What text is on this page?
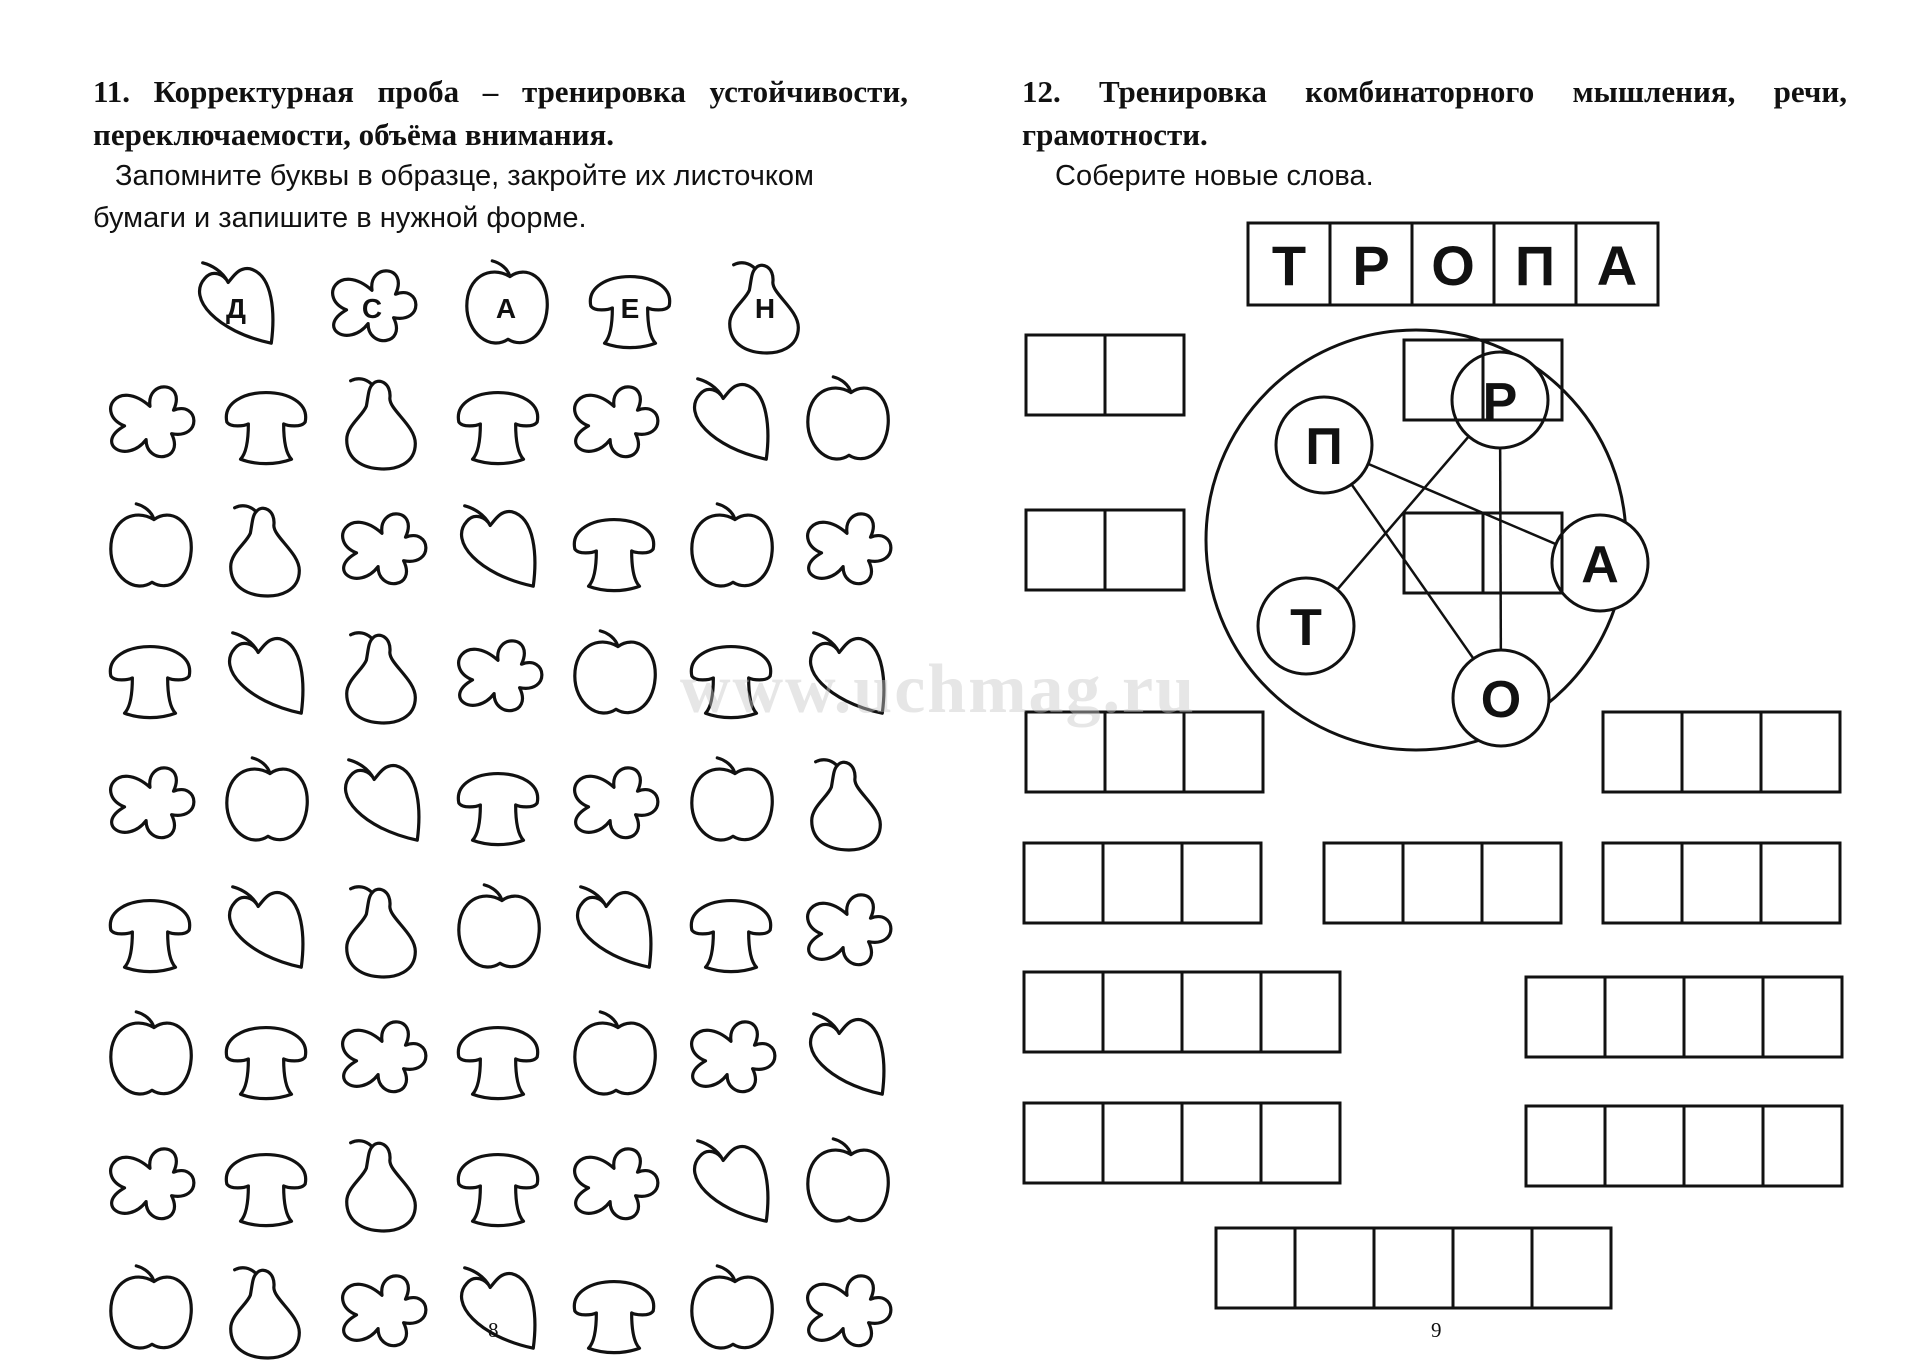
11. Корректурная проба – тренировка устойчивости, переключаемости, объёма внимания.
Запомните буквы в образце, закройте их листочком бумаги и запишите в нужной форме.
Д	С	А	Е	Н
8
12. Тренировка комбинаторного мышления, речи, грамотности.
Соберите новые слова.
Т Р О П А
П
Р
А
Т
О
9
www.uchmag.ru
